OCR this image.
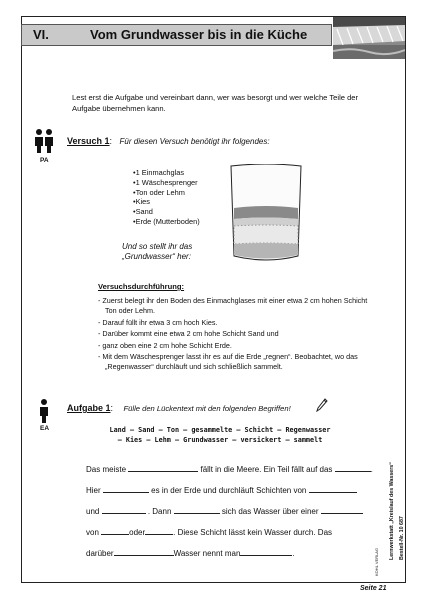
VI.	Vom Grundwasser bis in die Küche
Lest erst die Aufgabe und vereinbart dann, wer was besorgt und wer welche Teile der Aufgabe übernehmen kann.
PA
Versuch 1: Für diesen Versuch benötigt ihr folgendes:
• 1 Einmachglas
• 1 Wäschesprenger
• Ton oder Lehm
• Kies
• Sand
• Erde (Mutterboden)
Und so stellt ihr das
„Grundwasser“ her:
Versuchsdurchführung:
- Zuerst belegt ihr den Boden des Einmachglases mit einer etwa 2 cm hohen Schicht Ton oder Lehm.
- Darauf füllt ihr etwa 3 cm hoch Kies.
- Darüber kommt eine etwa 2 cm hohe Schicht Sand und
- ganz oben eine 2 cm hohe Schicht Erde.
- Mit dem Wäschesprenger lasst ihr es auf die Erde „regnen“. Beobachtet, wo das „Regenwasser“ durchläuft und sich schließlich sammelt.
EA
Aufgabe 1: Fülle den Lückentext mit den folgenden Begriffen!
Land – Sand – Ton – gesammelte – Schicht – Regenwasser
– Kies – Lehm – Grundwasser – versickert – sammelt
Das meiste	fällt in die Meere. Ein Teil fällt auf das	.
Hier	es in der Erde und durchläuft Schichten von
und	. Dann	sich das Wasser über einer
von	oder	. Diese Schicht lässt kein Wasser durch. Das
darüber	Wasser nennt man	.	Bestell-Nr. 10 687
Lernwerkstatt „Kreislauf des Wassers“
KOHL VERLAG
Seite 21
